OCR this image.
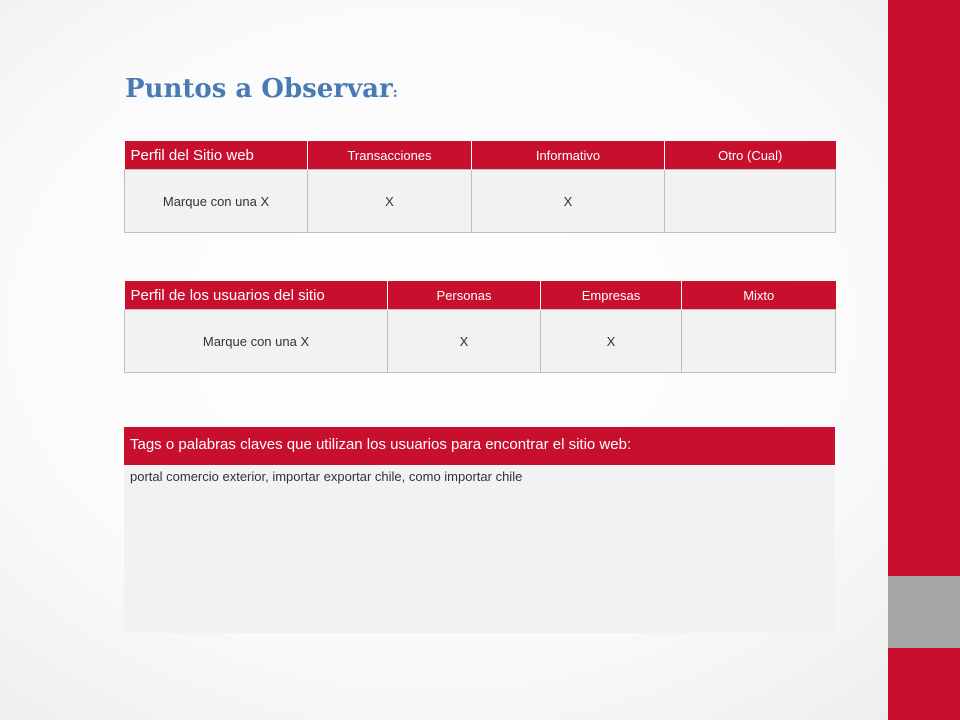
Puntos a Observar:
Perfil del Sitio web	Transacciones	Informativo	Otro (Cual)
Marque con una X	X	X	
Perfil de los usuarios del sitio	Personas	Empresas	Mixto
Marque con una X	X	X	
Tags o palabras claves que utilizan los usuarios para encontrar el sitio web:
portal comercio exterior, importar exportar chile, como importar chile
